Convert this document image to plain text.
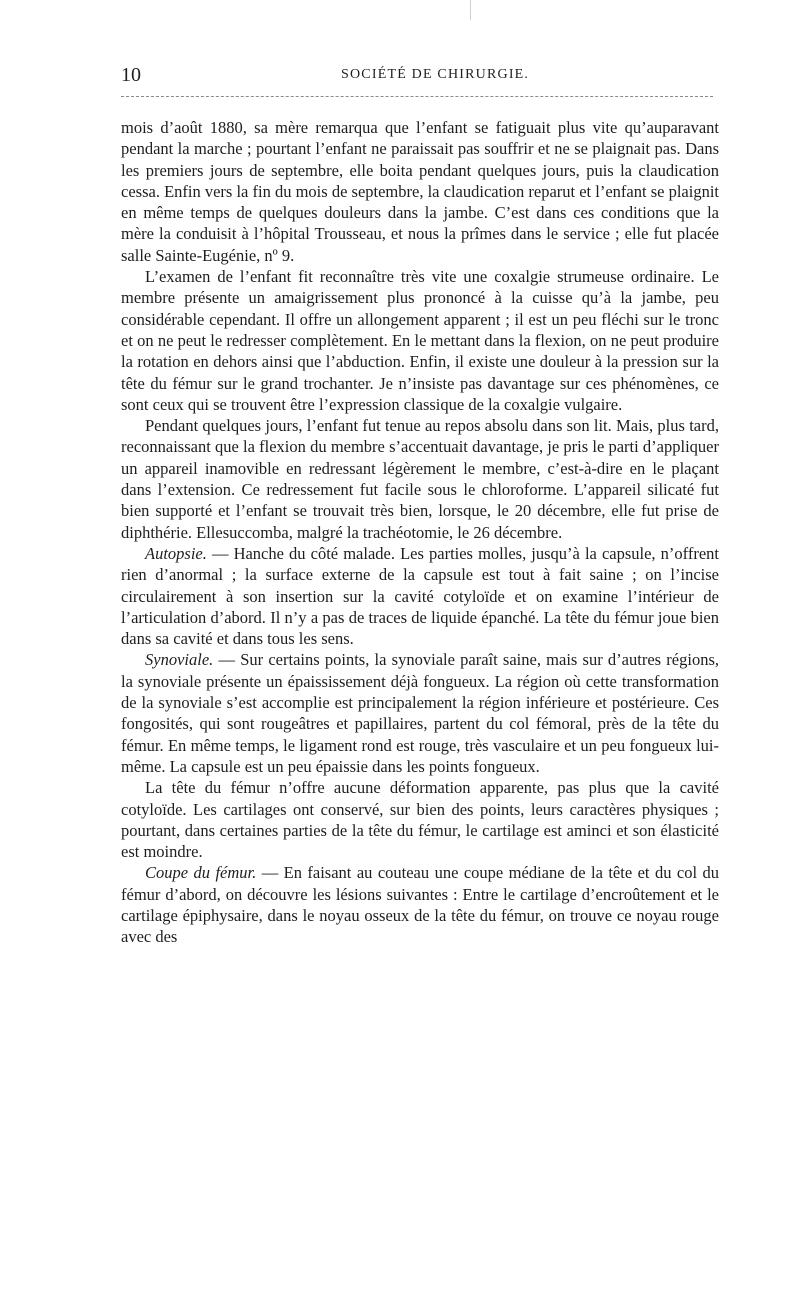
10	SOCIÉTÉ DE CHIRURGIE.

mois d’août 1880, sa mère remarqua que l’enfant se fatiguait plus vite qu’auparavant pendant la marche ; pourtant l’enfant ne paraissait pas souffrir et ne se plaignait pas. Dans les premiers jours de septembre, elle boita pendant quelques jours, puis la claudication cessa. Enfin vers la fin du mois de septembre, la claudication reparut et l’enfant se plaignit en même temps de quelques douleurs dans la jambe. C’est dans ces conditions que la mère la conduisit à l’hôpital Trousseau, et nous la prîmes dans le service ; elle fut placée salle Sainte-Eugénie, nº 9.

L’examen de l’enfant fit reconnaître très vite une coxalgie strumeuse ordinaire. Le membre présente un amaigrissement plus prononcé à la cuisse qu’à la jambe, peu considérable cependant. Il offre un allongement apparent ; il est un peu fléchi sur le tronc et on ne peut le redresser complètement. En le mettant dans la flexion, on ne peut produire la rotation en dehors ainsi que l’abduction. Enfin, il existe une douleur à la pression sur la tête du fémur sur le grand trochanter. Je n’insiste pas davantage sur ces phénomènes, ce sont ceux qui se trouvent être l’expression classique de la coxalgie vulgaire.

Pendant quelques jours, l’enfant fut tenue au repos absolu dans son lit. Mais, plus tard, reconnaissant que la flexion du membre s’accentuait davantage, je pris le parti d’appliquer un appareil inamovible en redressant légèrement le membre, c’est-à-dire en le plaçant dans l’extension. Ce redressement fut facile sous le chloroforme. L’appareil silicaté fut bien supporté et l’enfant se trouvait très bien, lorsque, le 20 décembre, elle fut prise de diphthérie. Ellesuccomba, malgré la trachéotomie, le 26 décembre.

Autopsie. — Hanche du côté malade. Les parties molles, jusqu’à la capsule, n’offrent rien d’anormal ; la surface externe de la capsule est tout à fait saine ; on l’incise circulairement à son insertion sur la cavité cotyloïde et on examine l’intérieur de l’articulation d’abord. Il n’y a pas de traces de liquide épanché. La tête du fémur joue bien dans sa cavité et dans tous les sens.

Synoviale. — Sur certains points, la synoviale paraît saine, mais sur d’autres régions, la synoviale présente un épaississement déjà fongueux. La région où cette transformation de la synoviale s’est accomplie est principalement la région inférieure et postérieure. Ces fongosités, qui sont rougeâtres et papillaires, partent du col fémoral, près de la tête du fémur. En même temps, le ligament rond est rouge, très vasculaire et un peu fongueux lui-même. La capsule est un peu épaissie dans les points fongueux.

La tête du fémur n’offre aucune déformation apparente, pas plus que la cavité cotyloïde. Les cartilages ont conservé, sur bien des points, leurs caractères physiques ; pourtant, dans certaines parties de la tête du fémur, le cartilage est aminci et son élasticité est moindre.

Coupe du fémur. — En faisant au couteau une coupe médiane de la tête et du col du fémur d’abord, on découvre les lésions suivantes : Entre le cartilage d’encroûtement et le cartilage épiphysaire, dans le noyau osseux de la tête du fémur, on trouve ce noyau rouge avec des
